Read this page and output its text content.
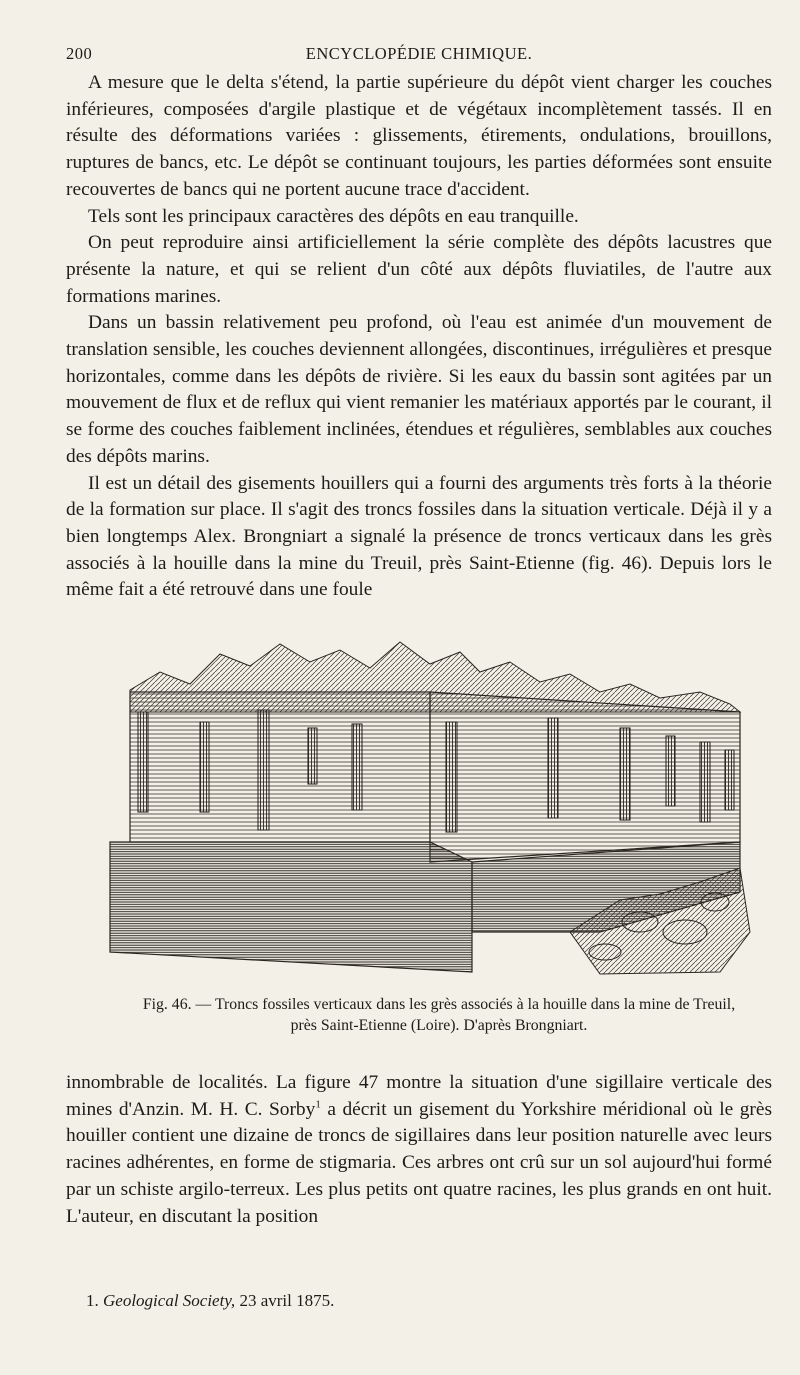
200	ENCYCLOPÉDIE CHIMIQUE.

A mesure que le delta s'étend, la partie supérieure du dépôt vient charger les couches inférieures, composées d'argile plastique et de végétaux incomplètement tassés. Il en résulte des déformations variées : glissements, étirements, ondulations, brouillons, ruptures de bancs, etc. Le dépôt se continuant toujours, les parties déformées sont ensuite recouvertes de bancs qui ne portent aucune trace d'accident.

Tels sont les principaux caractères des dépôts en eau tranquille.

On peut reproduire ainsi artificiellement la série complète des dépôts lacustres que présente la nature, et qui se relient d'un côté aux dépôts fluviatiles, de l'autre aux formations marines.

Dans un bassin relativement peu profond, où l'eau est animée d'un mouvement de translation sensible, les couches deviennent allongées, discontinues, irrégulières et presque horizontales, comme dans les dépôts de rivière. Si les eaux du bassin sont agitées par un mouvement de flux et de reflux qui vient remanier les matériaux apportés par le courant, il se forme des couches faiblement inclinées, étendues et régulières, semblables aux couches des dépôts marins.

Il est un détail des gisements houillers qui a fourni des arguments très forts à la théorie de la formation sur place. Il s'agit des troncs fossiles dans la situation verticale. Déjà il y a bien longtemps Alex. Brongniart a signalé la présence de troncs verticaux dans les grès associés à la houille dans la mine du Treuil, près Saint-Etienne (fig. 46). Depuis lors le même fait a été retrouvé dans une foule

Fig. 46. — Troncs fossiles verticaux dans les grès associés à la houille dans la mine de Treuil,
près Saint-Etienne (Loire). D'après Brongniart.

innombrable de localités. La figure 47 montre la situation d'une sigillaire verticale des mines d'Anzin. M. H. C. Sorby$^1$ a décrit un gisement du Yorkshire méridional où le grès houiller contient une dizaine de troncs de sigillaires dans leur position naturelle avec leurs racines adhérentes, en forme de stigmaria. Ces arbres ont crû sur un sol aujourd'hui formé par un schiste argilo-terreux. Les plus petits ont quatre racines, les plus grands en ont huit. L'auteur, en discutant la position

1. Geological Society, 23 avril 1875.
